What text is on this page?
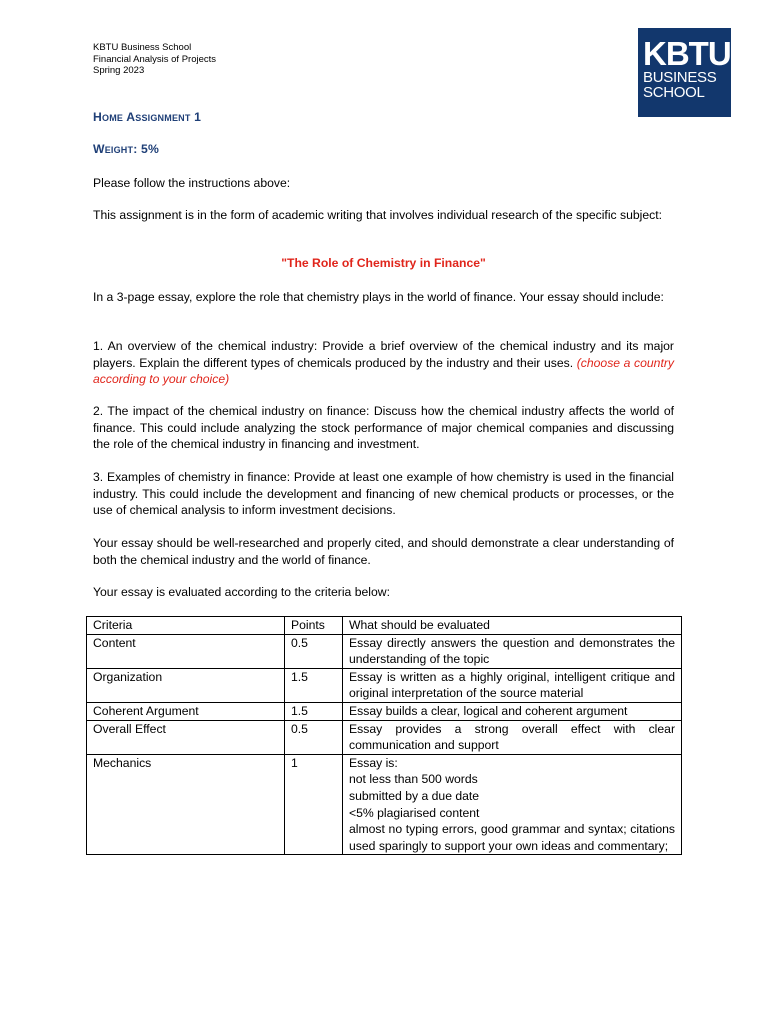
KBTU Business School
Financial Analysis of Projects
Spring 2023	KBTU
BUSINESS
SCHOOL
Home Assignment 1
Weight: 5%
Please follow the instructions above:
This assignment is in the form of academic writing that involves individual research of the specific subject:
"The Role of Chemistry in Finance"
In a 3-page essay, explore the role that chemistry plays in the world of finance. Your essay should include:
1. An overview of the chemical industry: Provide a brief overview of the chemical industry and its major players. Explain the different types of chemicals produced by the industry and their uses. (choose a country according to your choice)
2. The impact of the chemical industry on finance: Discuss how the chemical industry affects the world of finance. This could include analyzing the stock performance of major chemical companies and discussing the role of the chemical industry in financing and investment.
3. Examples of chemistry in finance: Provide at least one example of how chemistry is used in the financial industry. This could include the development and financing of new chemical products or processes, or the use of chemical analysis to inform investment decisions.
Your essay should be well-researched and properly cited, and should demonstrate a clear understanding of both the chemical industry and the world of finance.
Your essay is evaluated according to the criteria below:
Criteria	Points	What should be evaluated
Content	0.5	Essay directly answers the question and demonstrates the understanding of the topic
Organization	1.5	Essay is written as a highly original, intelligent critique and original interpretation of the source material
Coherent Argument	1.5	Essay builds a clear, logical and coherent argument
Overall Effect	0.5	Essay provides a strong overall effect with clear communication and support
Mechanics	1	Essay is:
not less than 500 words
submitted by a due date
<5% plagiarised content
almost no typing errors, good grammar and syntax; citations used sparingly to support your own ideas and commentary;
